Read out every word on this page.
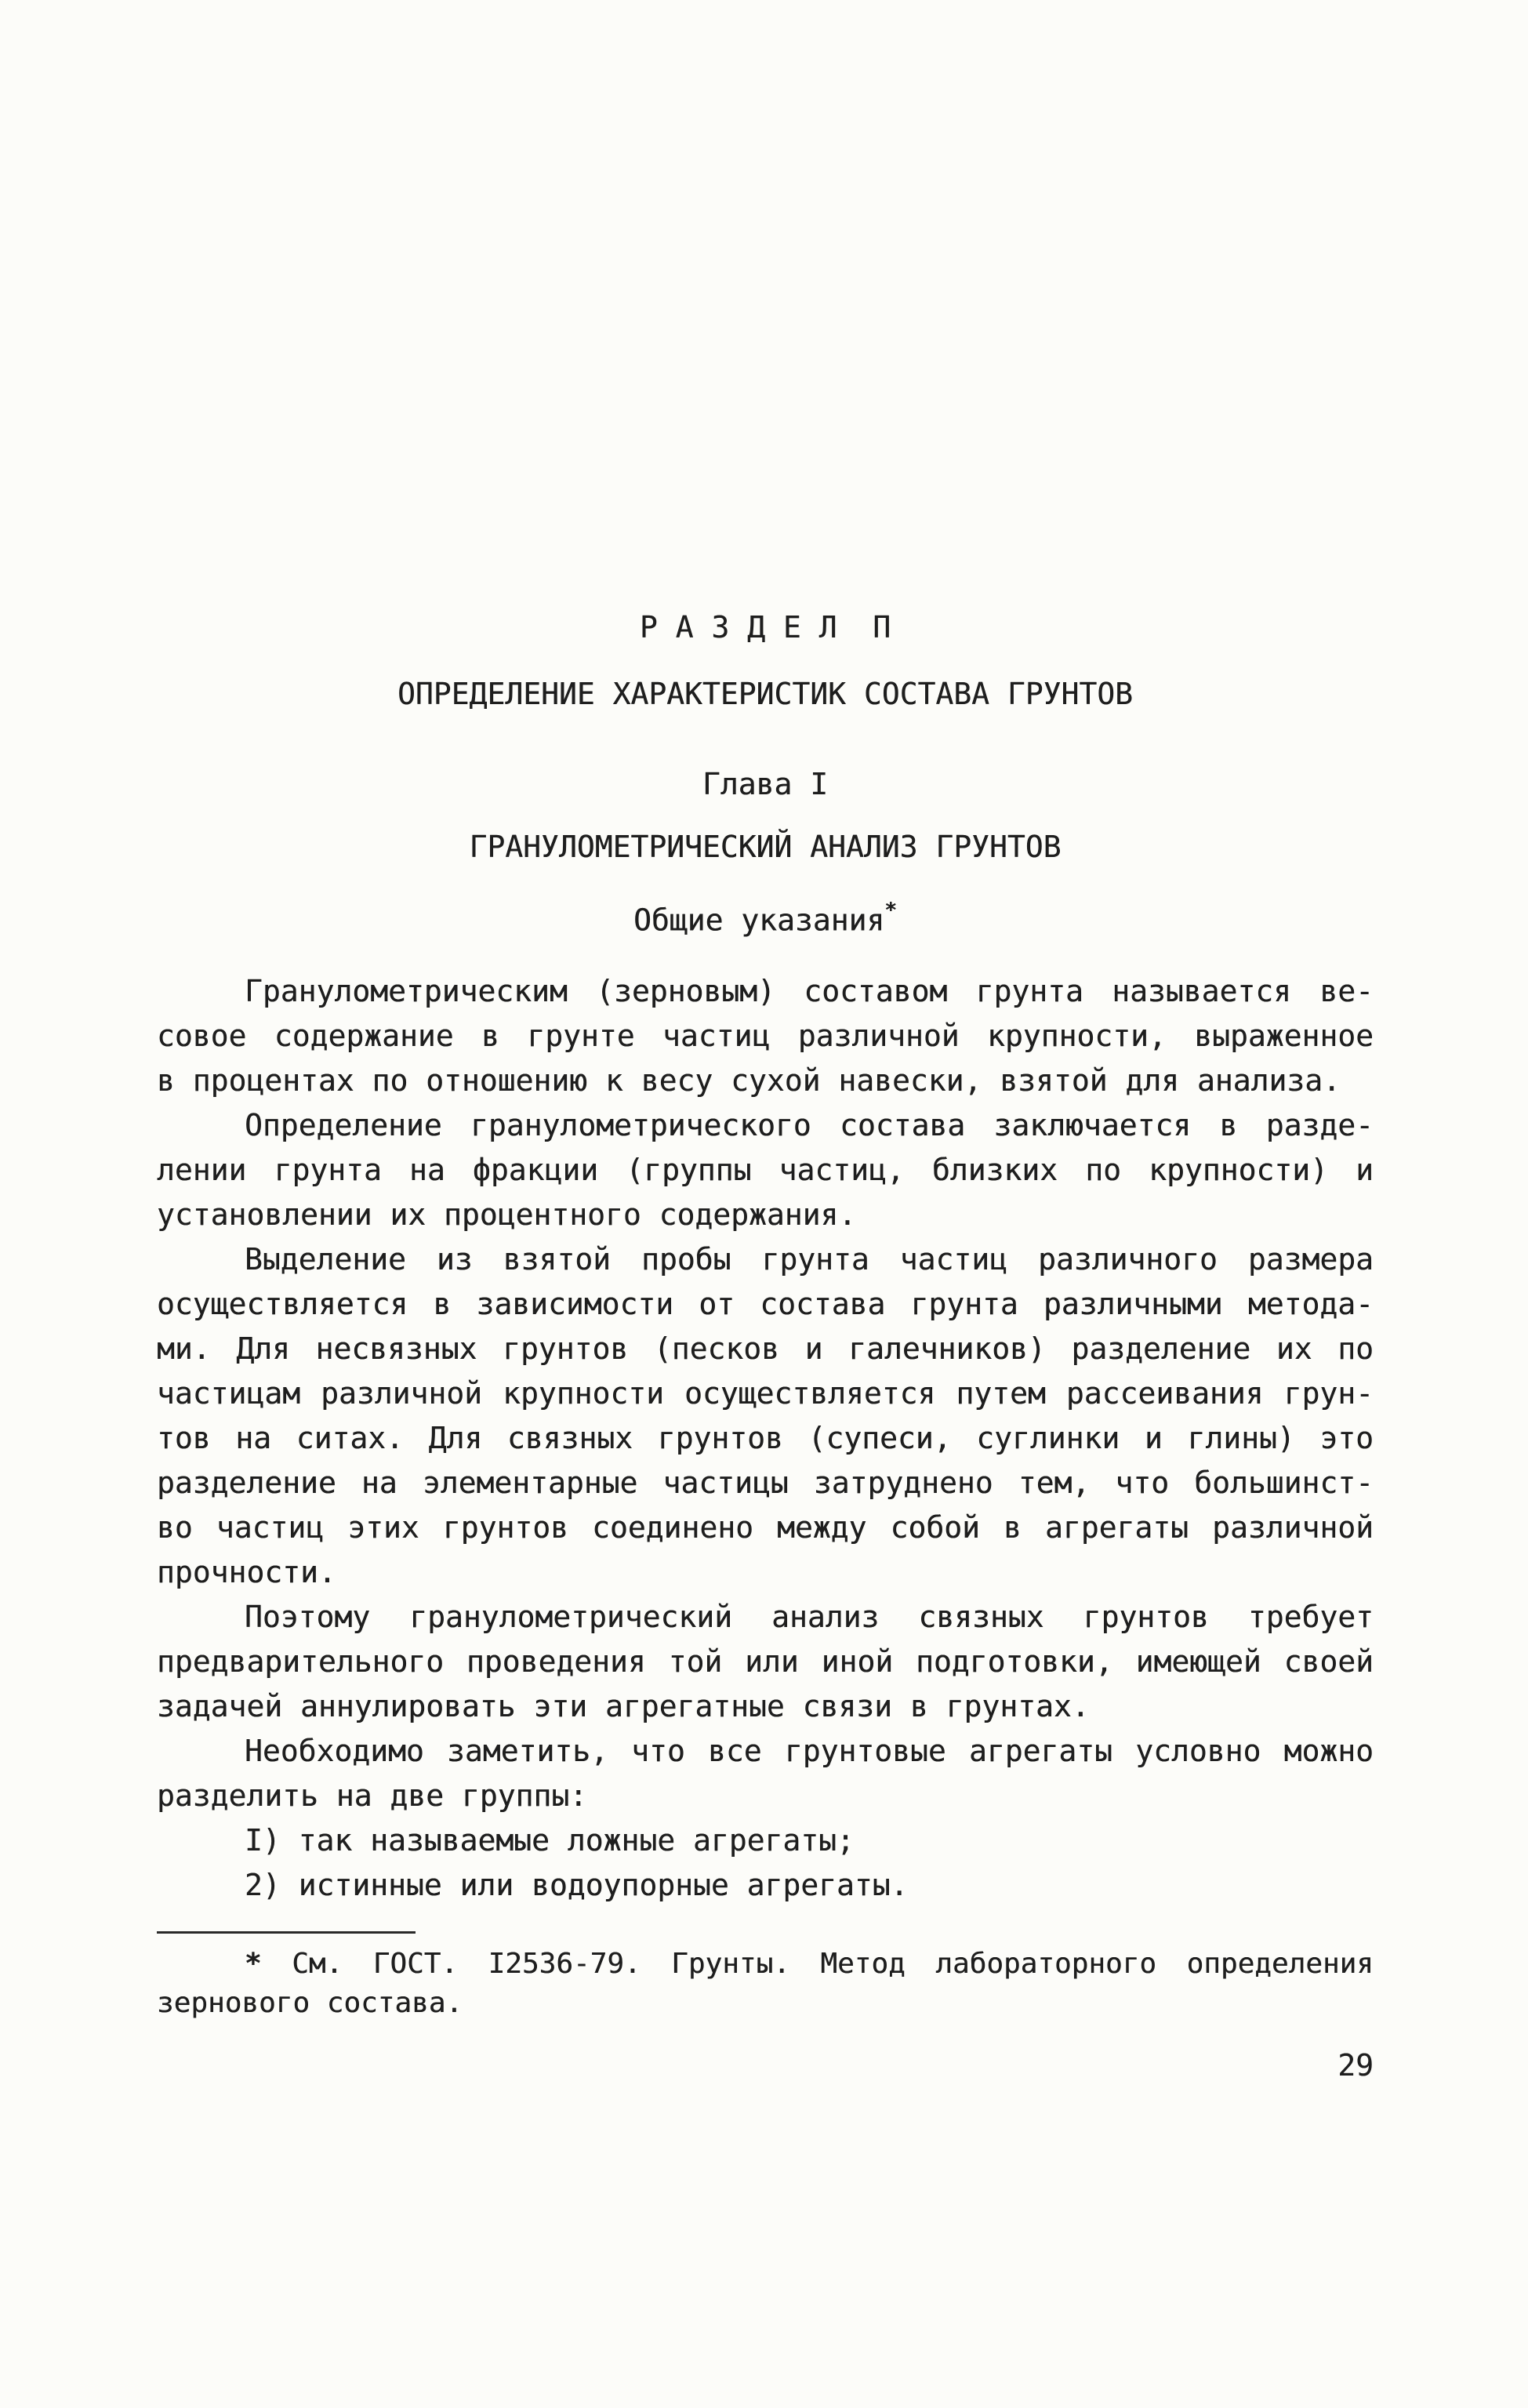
Р А З Д Е Л  П
ОПРЕДЕЛЕНИЕ ХАРАКТЕРИСТИК СОСТАВА ГРУНТОВ
Глава I
ГРАНУЛОМЕТРИЧЕСКИЙ АНАЛИЗ ГРУНТОВ
Общие указания*
Гранулометрическим (зерновым) составом грунта называется ве-
совое содержание в грунте частиц различной крупности, выраженное
в процентах по отношению к весу сухой навески, взятой для анализа.
Определение гранулометрического состава заключается в разде-
лении грунта на фракции (группы частиц, близких по крупности) и
установлении их процентного содержания.
Выделение из взятой пробы грунта частиц различного размера
осуществляется в зависимости от состава грунта различными метода-
ми. Для несвязных грунтов (песков и галечников) разделение их по
частицам различной крупности осуществляется путем рассеивания грун-
тов на ситах. Для связных грунтов (супеси, суглинки и глины) это
разделение на элементарные частицы затруднено тем, что большинст-
во частиц этих грунтов соединено между собой в агрегаты различной
прочности.
Поэтому гранулометрический анализ связных грунтов требует
предварительного проведения той или иной подготовки, имеющей своей
задачей аннулировать эти агрегатные связи в грунтах.
Необходимо заметить, что все грунтовые агрегаты условно можно
разделить на две группы:
I) так называемые ложные агрегаты;
2) истинные или водоупорные агрегаты.
* См. ГОСТ. I2536-79. Грунты. Метод лабораторного определения
зернового состава.
29
